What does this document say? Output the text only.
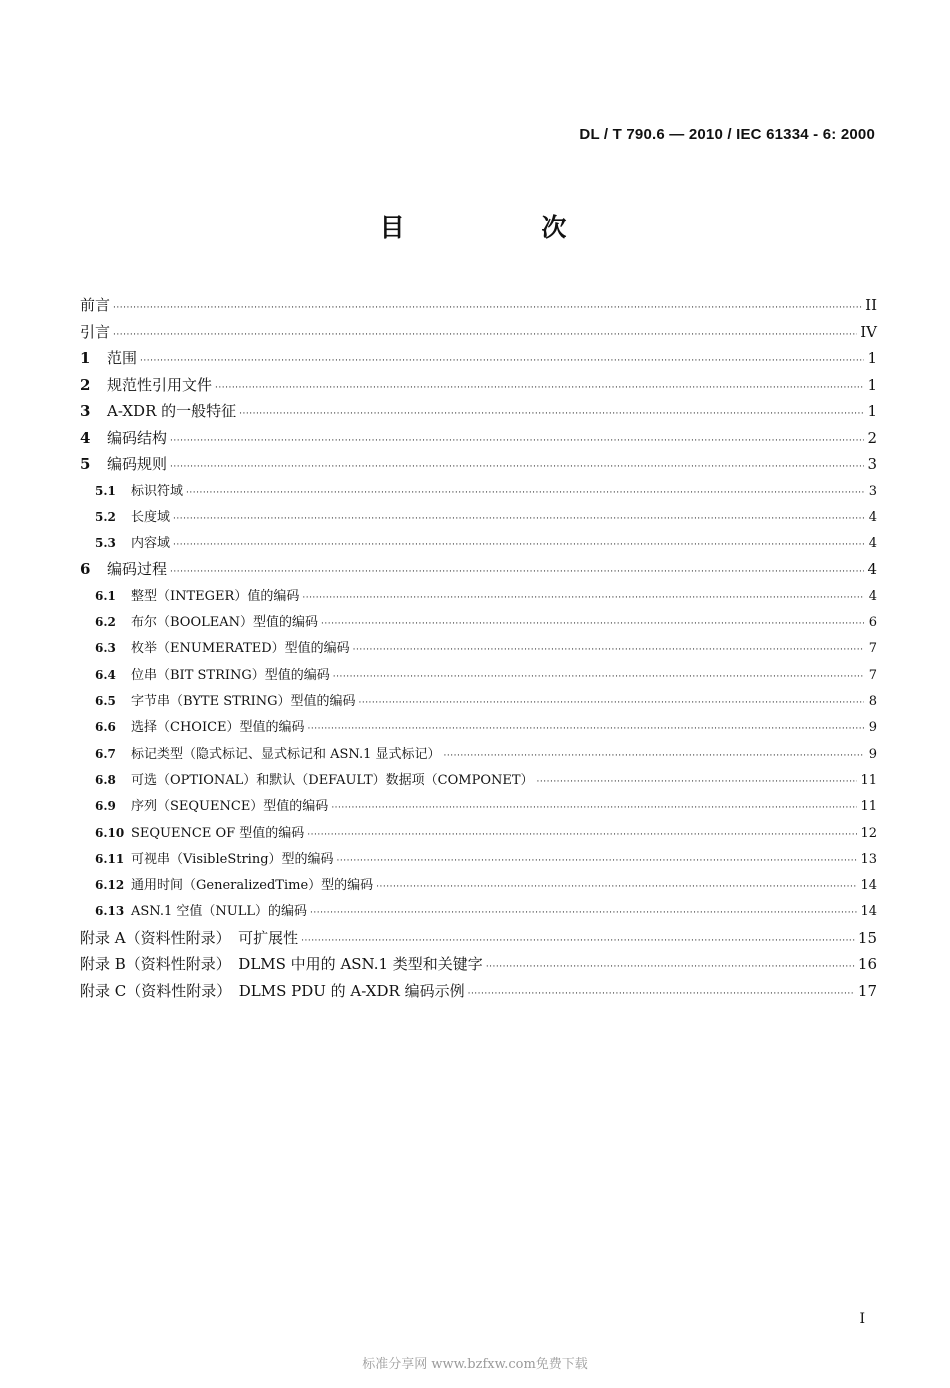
DL / T 790.6 — 2010 / IEC 61334 - 6: 2000
目 次
前言 ·····	II
引言 ·····	IV
1	范围 ·····	1
2	规范性引用文件 ·····	1
3	A-XDR 的一般特征 ·····	1
4	编码结构 ·····	2
5	编码规则 ·····	3
5.1	标识符域 ·····	3
5.2	长度域 ·····	4
5.3	内容域 ·····	4
6	编码过程 ·····	4
6.1	整型（INTEGER）值的编码 ·····	4
6.2	布尔（BOOLEAN）型值的编码 ·····	6
6.3	枚举（ENUMERATED）型值的编码 ·····	7
6.4	位串（BIT STRING）型值的编码 ·····	7
6.5	字节串（BYTE STRING）型值的编码 ·····	8
6.6	选择（CHOICE）型值的编码 ·····	9
6.7	标记类型（隐式标记、显式标记和 ASN.1 显式标记） ·····	9
6.8	可选（OPTIONAL）和默认（DEFAULT）数据项（COMPONET） ·····	11
6.9	序列（SEQUENCE）型值的编码 ·····	11
6.10 SEQUENCE OF 型值的编码 ·····	12
6.11 可视串（VisibleString）型的编码 ·····	13
6.12 通用时间（GeneralizedTime）型的编码 ·····	14
6.13 ASN.1 空值（NULL）的编码 ·····	14
附录 A（资料性附录）　可扩展性 ·····	15
附录 B（资料性附录）　DLMS 中用的 ASN.1 类型和关键字 ·····	16
附录 C（资料性附录）　DLMS PDU 的 A-XDR 编码示例 ·····	17
I
标准分享网 www.bzfxw.com免费下载
